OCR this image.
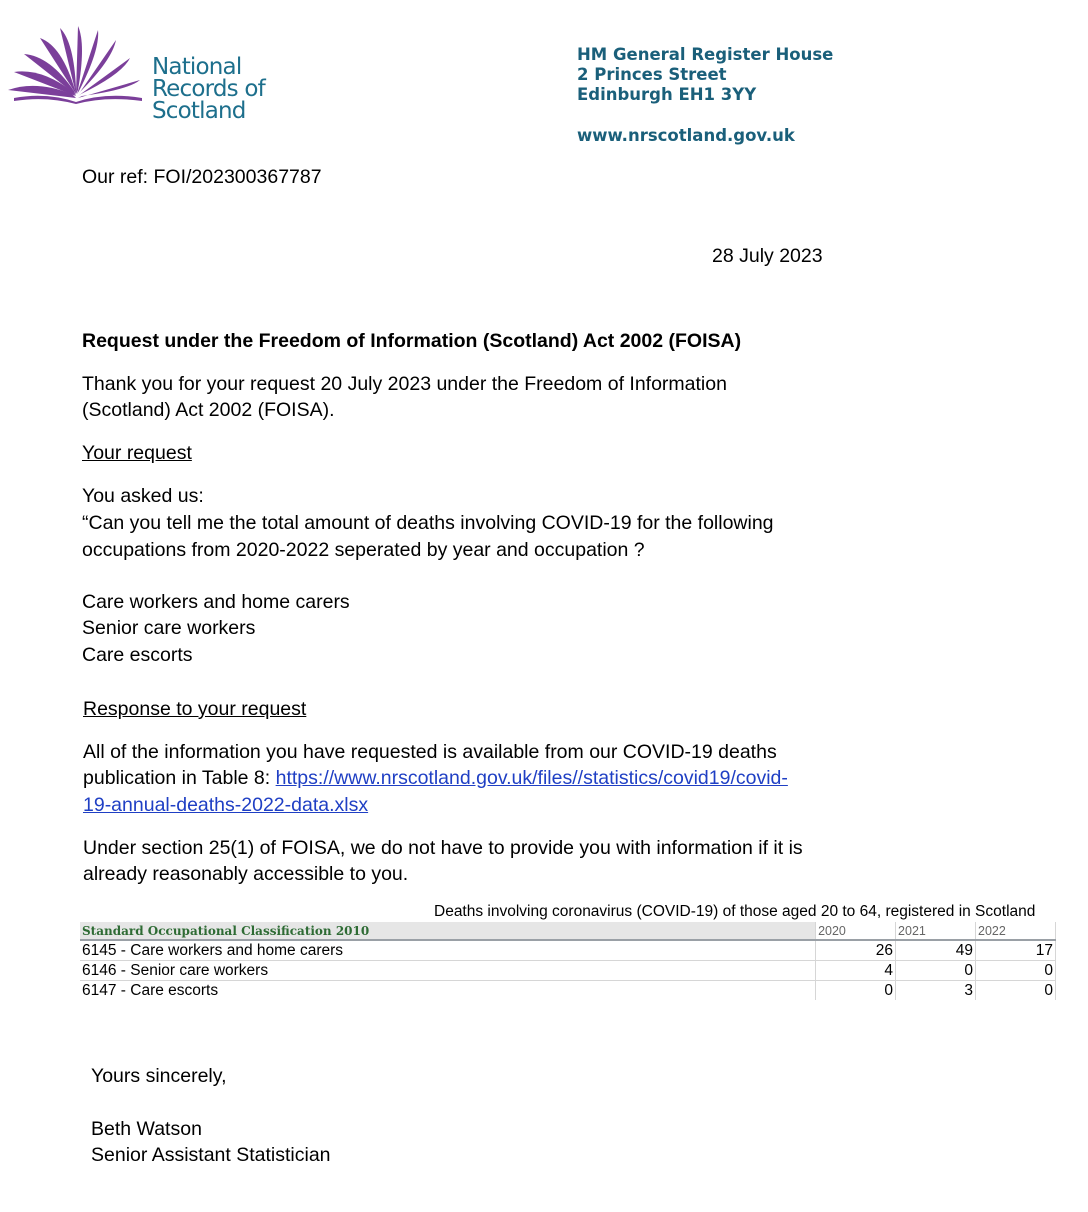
National
Records of
Scotland
HM General Register House
2 Princes Street
Edinburgh EH1 3YY
www.nrscotland.gov.uk
Our ref: FOI/202300367787
28 July 2023
Request under the Freedom of Information (Scotland) Act 2002 (FOISA)
Thank you for your request 20 July 2023 under the Freedom of Information
(Scotland) Act 2002 (FOISA).
Your request
You asked us:
“Can you tell me the total amount of deaths involving COVID-19 for the following
occupations from 2020-2022 seperated by year and occupation ?
Care workers and home carers
Senior care workers
Care escorts
Response to your request
All of the information you have requested is available from our COVID-19 deaths
publication in Table 8: https://www.nrscotland.gov.uk/files//statistics/covid19/covid-
19-annual-deaths-2022-data.xlsx
Under section 25(1) of FOISA, we do not have to provide you with information if it is
already reasonably accessible to you.
Deaths involving coronavirus (COVID-19) of those aged 20 to 64, registered in Scotland
Standard Occupational Classification 2010	2020	2021	2022
6145 - Care workers and home carers	26	49	17
6146 - Senior care workers	4	0	0
6147 - Care escorts	0	3	0
Yours sincerely,
Beth Watson
Senior Assistant Statistician
